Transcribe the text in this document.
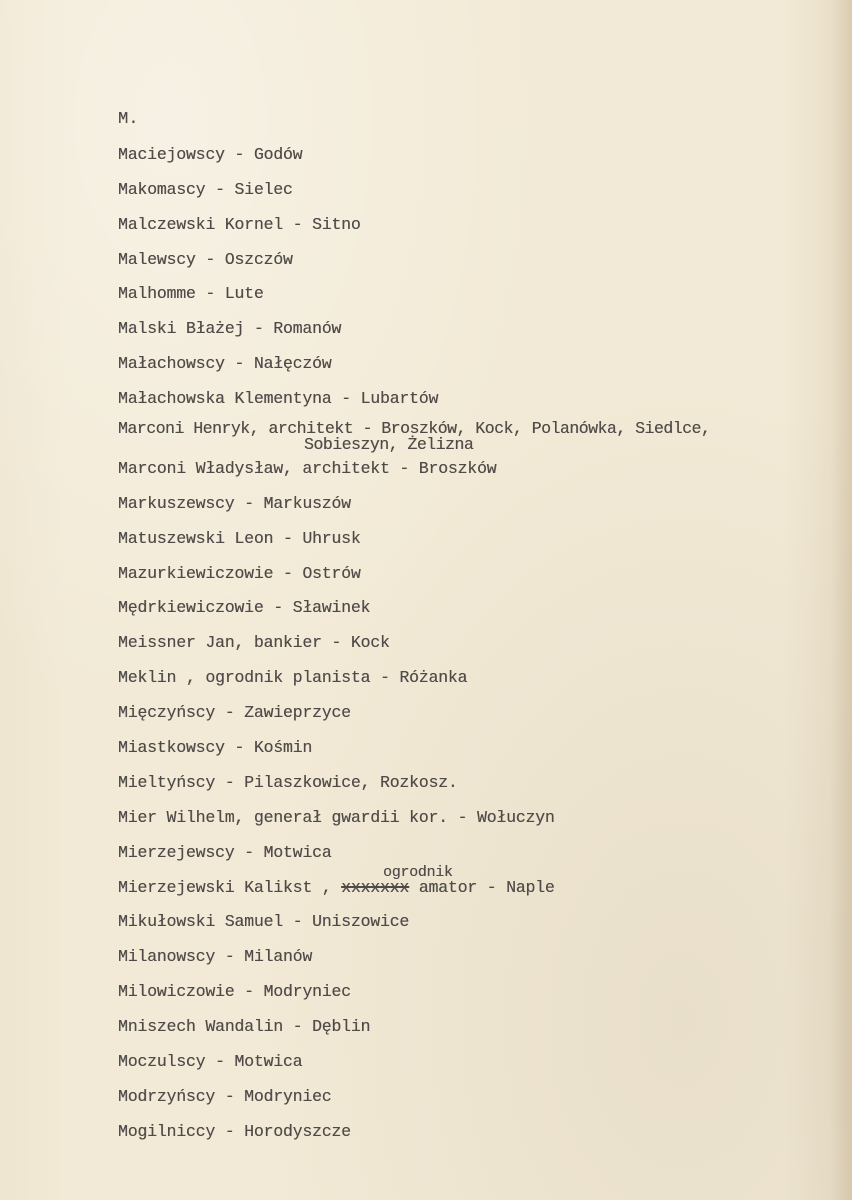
M.
Maciejowscy - Godów
Makomascy - Sielec
Malczewski Kornel - Sitno
Malewscy - Oszczów
Malhomme - Lute
Malski Błażej - Romanów
Małachowscy - Nałęczów
Małachowska Klementyna - Lubartów
Marconi Henryk, architekt - Broszków, Kock, Polanówka, Siedlce,
Sobieszyn, Żelizna
Marconi Władysław, architekt - Broszków
Markuszewscy - Markuszów
Matuszewski Leon - Uhrusk
Mazurkiewiczowie - Ostrów
Mędrkiewiczowie - Sławinek
Meissner Jan, bankier - Kock
Meklin , ogrodnik planista - Różanka
Mięczyńscy - Zawieprzyce
Miastkowscy - Kośmin
Mieltyńscy - Pilaszkowice, Rozkosz.
Mier Wilhelm, generał gwardii kor. - Wołuczyn
Mierzejewscy - Motwica
ogrodnik
Mierzejewski Kalikst , xxxxxxx amator - Naple
Mikułowski Samuel - Uniszowice
Milanowscy - Milanów
Milowiczowie - Modryniec
Mniszech Wandalin - Dęblin
Moczulscy - Motwica
Modrzyńscy - Modryniec
Mogilniccy - Horodyszcze
